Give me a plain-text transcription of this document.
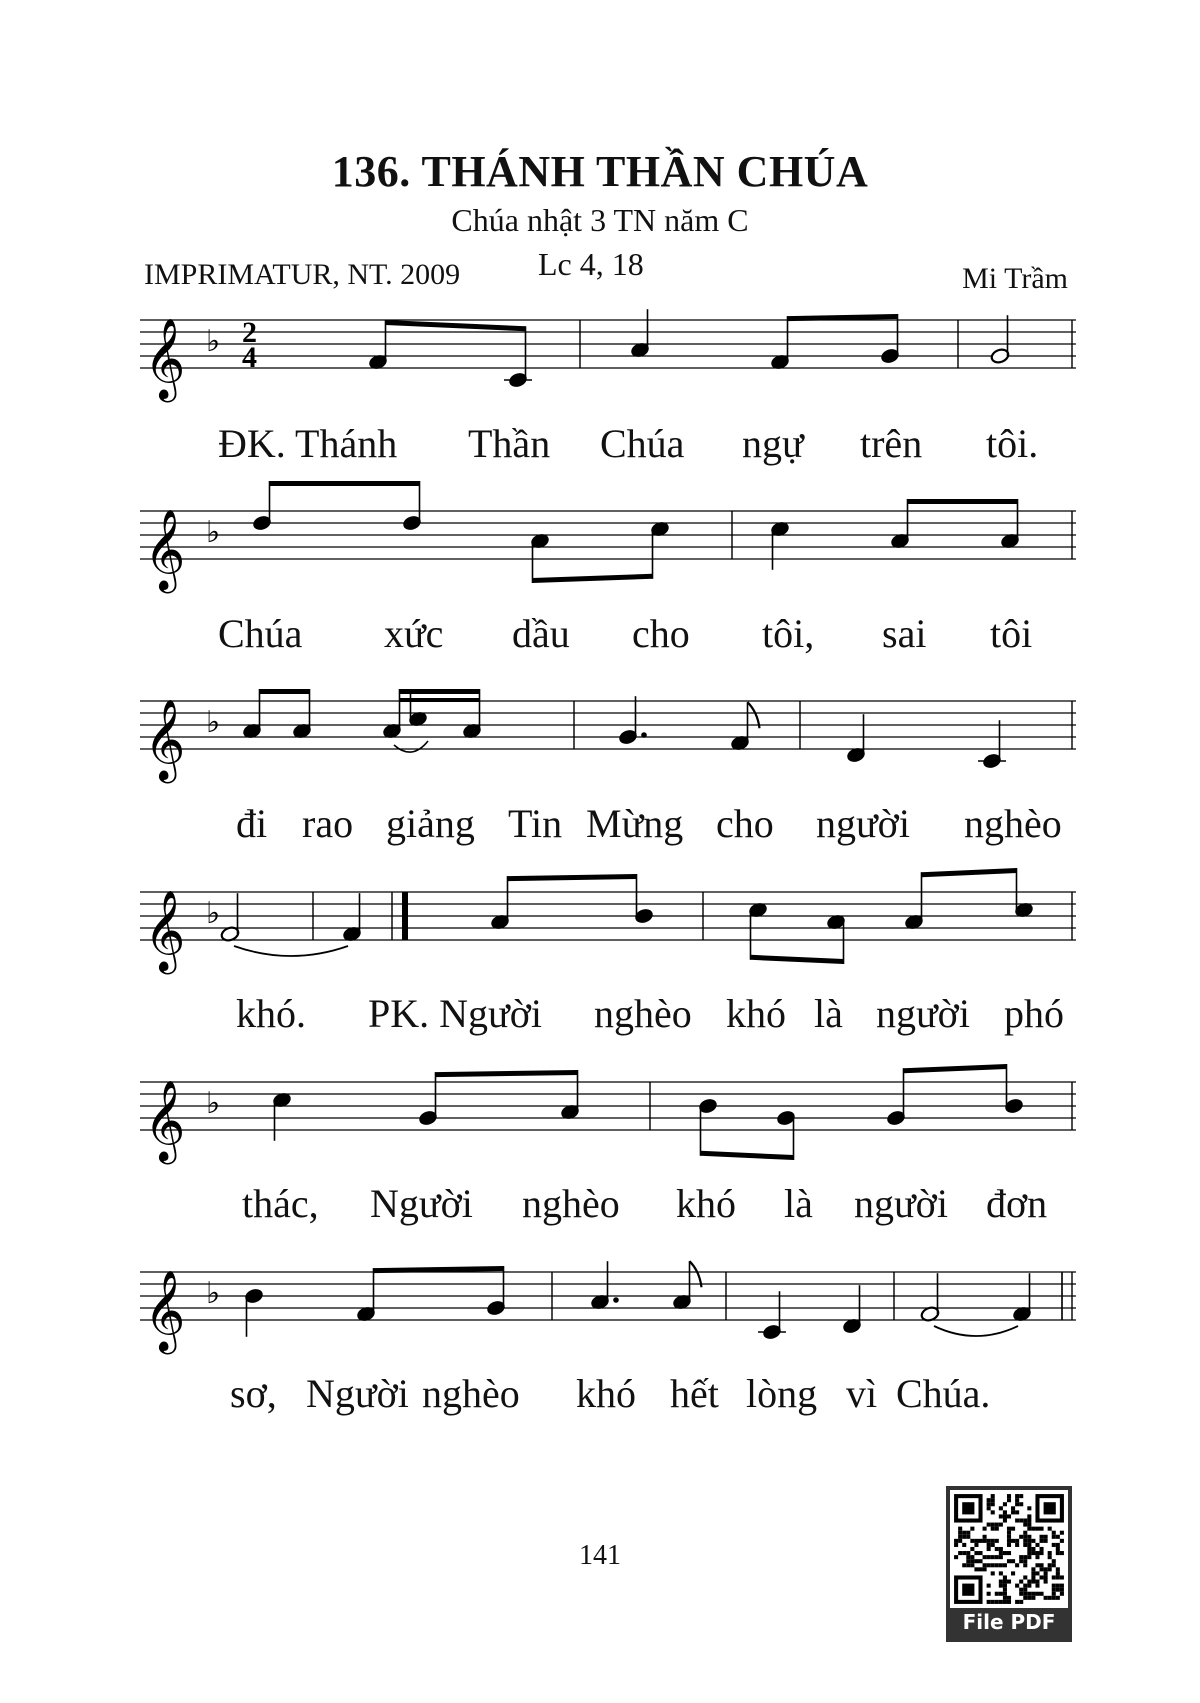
136. THÁNH THẦN CHÚA
Chúa nhật 3 TN năm C
IMPRIMATUR, NT. 2009 Lc 4, 18	Mi Trầm
𝄞 ♭ 2
4
𝄞 ♭
𝄞 ♭
𝄞 ♭
𝄞 ♭
𝄞 ♭
ĐK. Thánh Thần Chúa ngự trên tôi.
Chúa xức dầu cho tôi, sai tôi
đi rao giảng Tin Mừng cho người nghèo
khó. PK. Người nghèo khó là người phó
thác, Người nghèo khó là người đơn
sơ, Người nghèo khó hết lòng vì Chúa.
141
File PDF
